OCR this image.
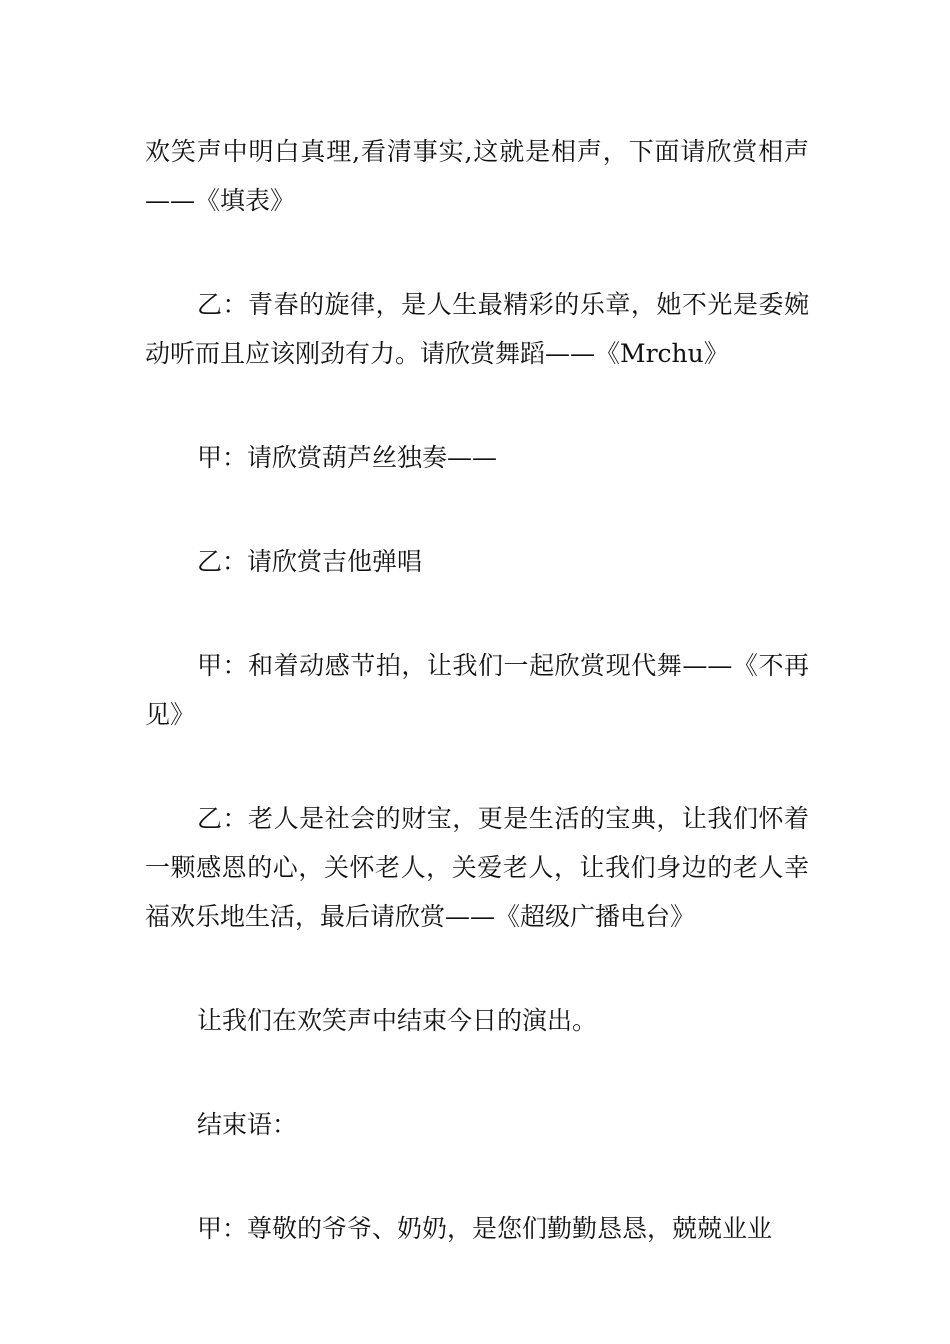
欢笑声中明白真理,看清事实,这就是相声，下面请欣赏相声——《填表》

乙：青春的旋律，是人生最精彩的乐章，她不光是委婉动听而且应该刚劲有力。请欣赏舞蹈——《Mrchu》

甲：请欣赏葫芦丝独奏——

乙：请欣赏吉他弹唱

甲：和着动感节拍，让我们一起欣赏现代舞——《不再见》

乙：老人是社会的财宝，更是生活的宝典，让我们怀着一颗感恩的心，关怀老人，关爱老人，让我们身边的老人幸福欢乐地生活，最后请欣赏——《超级广播电台》

让我们在欢笑声中结束今日的演出。

结束语：

甲：尊敬的爷爷、奶奶，是您们勤勤恳恳，兢兢业业
